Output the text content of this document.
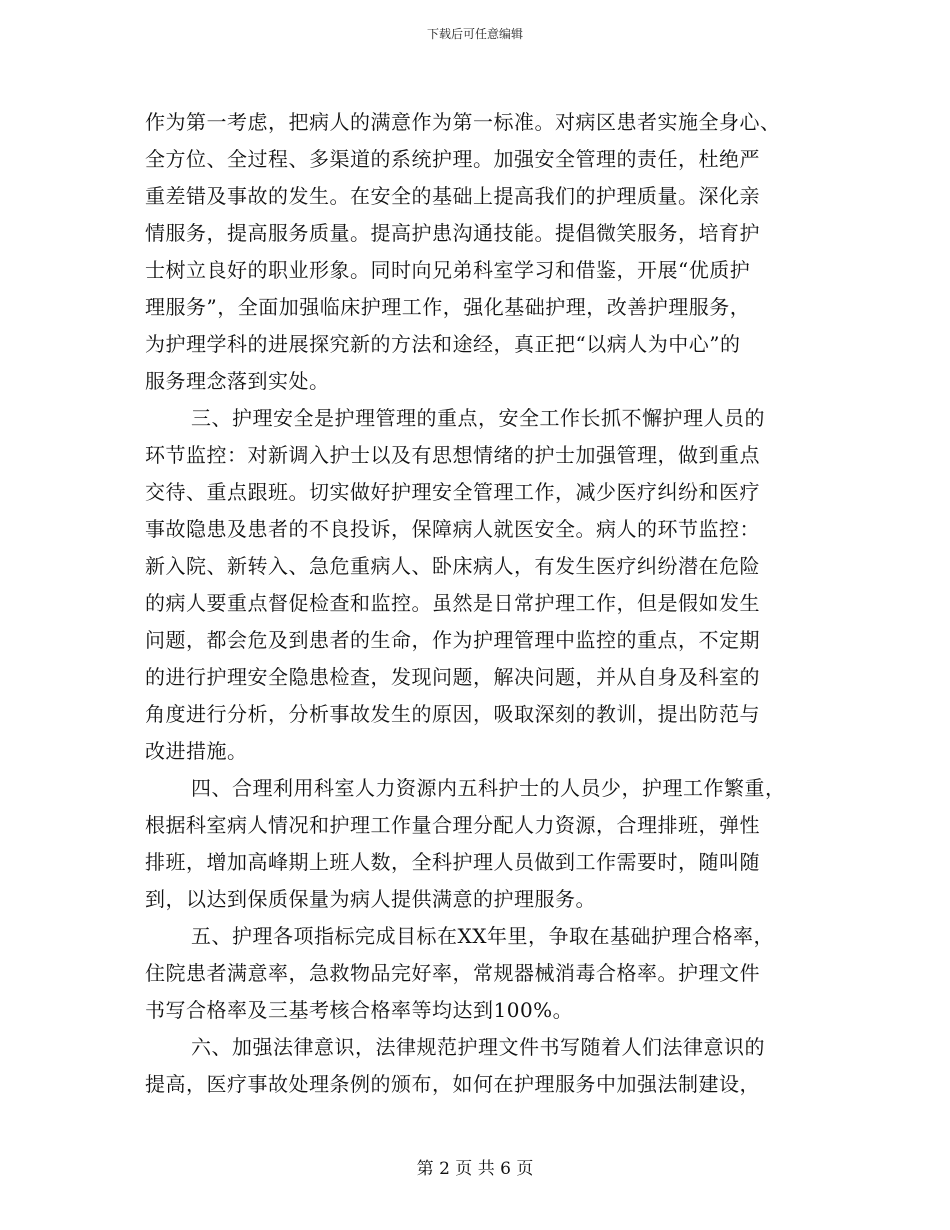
下载后可任意编辑
作为第一考虑，把病人的满意作为第一标准。对病区患者实施全身心、
全方位、全过程、多渠道的系统护理。加强安全管理的责任，杜绝严
重差错及事故的发生。在安全的基础上提高我们的护理质量。深化亲
情服务，提高服务质量。提高护患沟通技能。提倡微笑服务，培育护
士树立良好的职业形象。同时向兄弟科室学习和借鉴，开展“优质护
理服务”，全面加强临床护理工作，强化基础护理，改善护理服务，
为护理学科的进展探究新的方法和途经，真正把“以病人为中心”的
服务理念落到实处。
三、护理安全是护理管理的重点，安全工作长抓不懈护理人员的
环节监控：对新调入护士以及有思想情绪的护士加强管理，做到重点
交待、重点跟班。切实做好护理安全管理工作，减少医疗纠纷和医疗
事故隐患及患者的不良投诉，保障病人就医安全。病人的环节监控：
新入院、新转入、急危重病人、卧床病人，有发生医疗纠纷潜在危险
的病人要重点督促检查和监控。虽然是日常护理工作，但是假如发生
问题，都会危及到患者的生命，作为护理管理中监控的重点，不定期
的进行护理安全隐患检查，发现问题，解决问题，并从自身及科室的
角度进行分析，分析事故发生的原因，吸取深刻的教训，提出防范与
改进措施。
四、合理利用科室人力资源内五科护士的人员少，护理工作繁重，
根据科室病人情况和护理工作量合理分配人力资源，合理排班，弹性
排班，增加高峰期上班人数，全科护理人员做到工作需要时，随叫随
到，以达到保质保量为病人提供满意的护理服务。
五、护理各项指标完成目标在XX年里，争取在基础护理合格率，
住院患者满意率，急救物品完好率，常规器械消毒合格率。护理文件
书写合格率及三基考核合格率等均达到100%。
六、加强法律意识，法律规范护理文件书写随着人们法律意识的
提高，医疗事故处理条例的颁布，如何在护理服务中加强法制建设，
第 2 页 共 6 页
